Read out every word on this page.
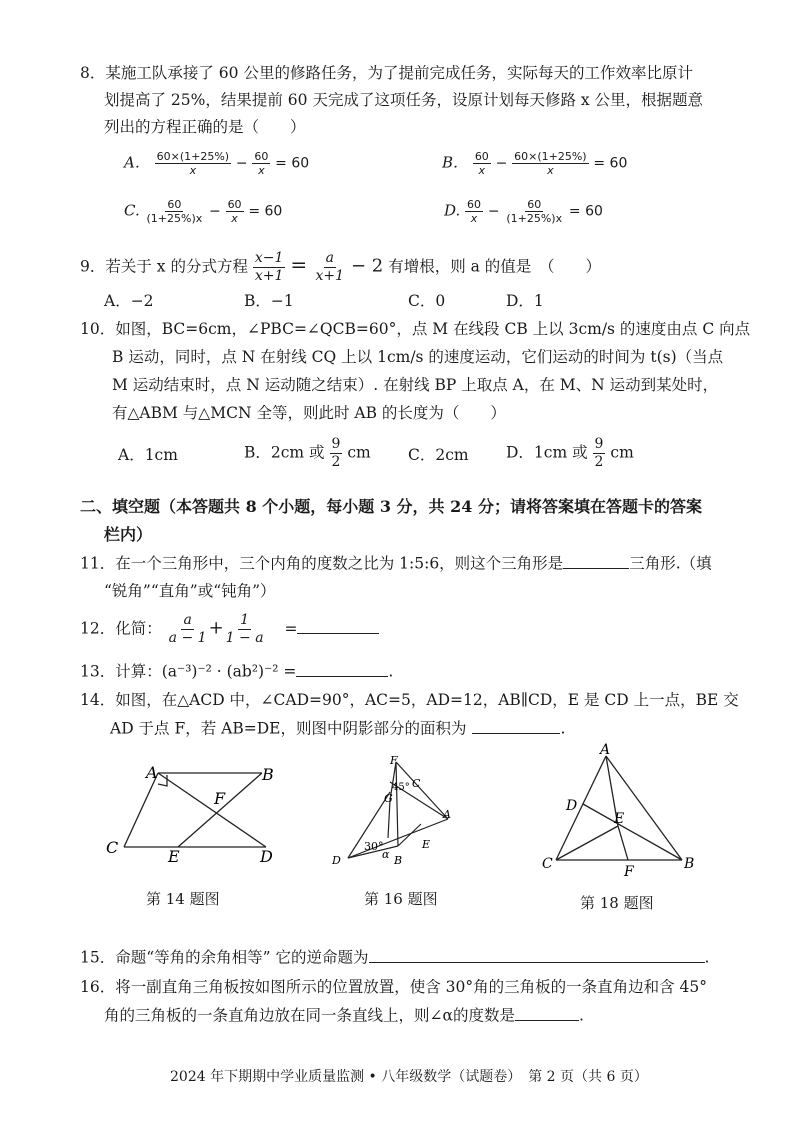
8．某施工队承接了 60 公里的修路任务，为了提前完成任务，实际每天的工作效率比原计
划提高了 25%，结果提前 60 天完成了这项任务，设原计划每天修路 x 公里，根据题意
列出的方程正确的是（　　）
A． $\frac{60\times(1+25\%)}{x} - \frac{60}{x} = 60$	B． $\frac{60}{x} - \frac{60\times(1+25\%)}{x} = 60$
C. $\frac{60}{(1+25\%)x} - \frac{60}{x} = 60$	D. $\frac{60}{x} - \frac{60}{(1+25\%)x} = 60$
9．若关于 x 的分式方程 $\frac{x-1}{x+1} = \frac{a}{x+1} - 2$ 有增根，则 a 的值是　（　　）
A．−2	B．−1	C．0	D．1
10．如图，BC=6cm，∠PBC=∠QCB=60°，点 M 在线段 CB 上以 3cm/s 的速度由点 C 向点
B 运动，同时，点 N 在射线 CQ 上以 1cm/s 的速度运动，它们运动的时间为 t(s)（当点
M 运动结束时，点 N 运动随之结束）. 在射线 BP 上取点 A，在 M、N 运动到某处时，
有△ABM 与△MCN 全等，则此时 AB 的长度为（　　）
A．1cm	B．2cm 或 $\frac{9}{2}$ cm C．2cm D．1cm 或 $\frac{9}{2}$ cm
二、填空题（本答题共 8 个小题，每小题 3 分，共 24 分；请将答案填在答题卡的答案
栏内）
11．在一个三角形中，三个内角的度数之比为 1:5:6，则这个三角形是	三角形.（填
“锐角”“直角”或“钝角”）
12．化简： $\frac{a}{a - 1} + \frac{1}{1 - a}$ =
13．计算：(a⁻³)⁻² · (ab²)⁻² =	.
14．如图，在△ACD 中，∠CAD=90°，AC=5，AD=12，AB∥CD，E 是 CD 上一点，BE 交
AD 于点 F，若 AB=DE，则图中阴影部分的面积为	.
A	B
C	D
E
F
第 14 题图
F
C
G
A
D	B
E
45°
30°
α
第 16 题图
A
D
E
C	F	B
第 18 题图
15．命题“等角的余角相等” 它的逆命题为	.
16．将一副直角三角板按如图所示的位置放置，使含 30°角的三角板的一条直角边和含 45°
角的三角板的一条直角边放在同一条直线上，则∠α的度数是	.
2024 年下期期中学业质量监测 • 八年级数学（试题卷）　第 2 页（共 6 页）
